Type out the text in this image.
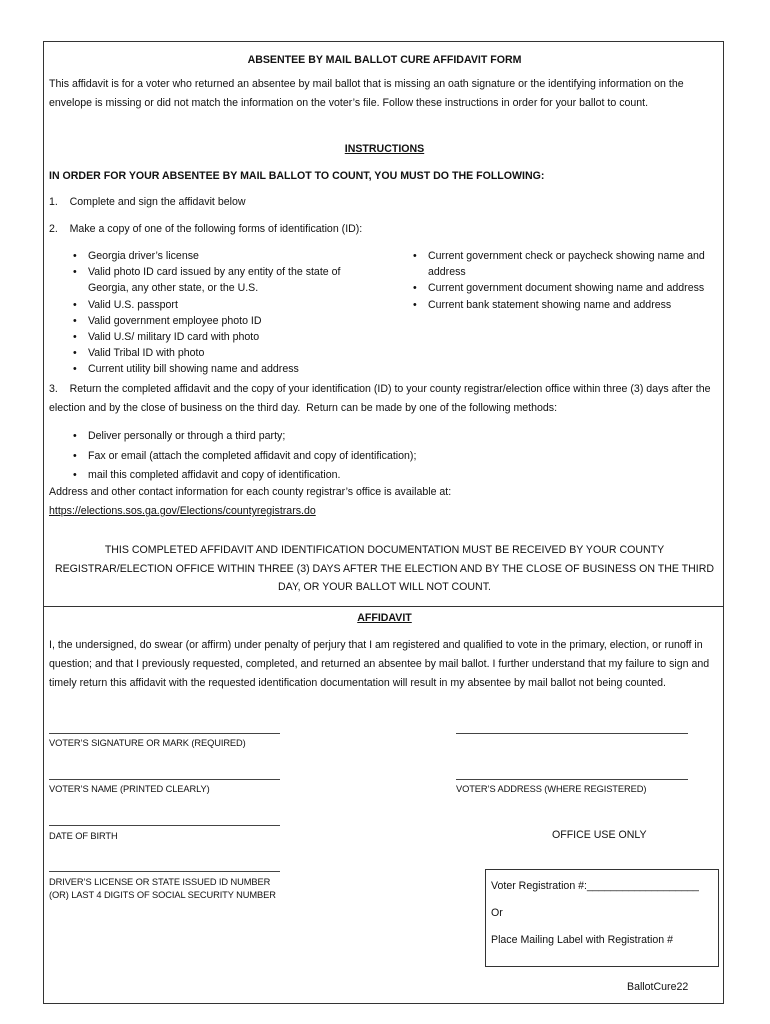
ABSENTEE BY MAIL BALLOT CURE AFFIDAVIT FORM

This affidavit is for a voter who returned an absentee by mail ballot that is missing an oath signature or the identifying information on the envelope is missing or did not match the information on the voter’s file. Follow these instructions in order for your ballot to count.

INSTRUCTIONS
IN ORDER FOR YOUR ABSENTEE BY MAIL BALLOT TO COUNT, YOU MUST DO THE FOLLOWING:
1.    Complete and sign the affidavit below
2.    Make a copy of one of the following forms of identification (ID):
• Georgia driver’s license
• Valid photo ID card issued by any entity of the state of Georgia, any other state, or the U.S.
• Valid U.S. passport
• Valid government employee photo ID
• Valid U.S/ military ID card with photo
• Valid Tribal ID with photo
• Current utility bill showing name and address
• Current government check or paycheck showing name and address
• Current government document showing name and address
• Current bank statement showing name and address

3.    Return the completed affidavit and the copy of your identification (ID) to your county registrar/election office within three (3) days after the election and by the close of business on the third day.  Return can be made by one of the following methods:

• Deliver personally or through a third party;
• Fax or email (attach the completed affidavit and copy of identification);
• mail this completed affidavit and copy of identification.
Address and other contact information for each county registrar’s office is available at:
https://elections.sos.ga.gov/Elections/countyregistrars.do

THIS COMPLETED AFFIDAVIT AND IDENTIFICATION DOCUMENTATION MUST BE RECEIVED BY YOUR COUNTY REGISTRAR/ELECTION OFFICE WITHIN THREE (3) DAYS AFTER THE ELECTION AND BY THE CLOSE OF BUSINESS ON THE THIRD DAY, OR YOUR BALLOT WILL NOT COUNT.

AFFIDAVIT

I, the undersigned, do swear (or affirm) under penalty of perjury that I am registered and qualified to vote in the primary, election, or runoff in question; and that I previously requested, completed, and returned an absentee by mail ballot. I further understand that my failure to sign and timely return this affidavit with the requested identification documentation will result in my absentee by mail ballot not being counted.

VOTER’S SIGNATURE OR MARK (REQUIRED)
VOTER’S NAME (PRINTED CLEARLY)	VOTER’S ADDRESS (WHERE REGISTERED)
DATE OF BIRTH	OFFICE USE ONLY
DRIVER’S LICENSE OR STATE ISSUED ID NUMBER
(OR) LAST 4 DIGITS OF SOCIAL SECURITY NUMBER
Voter Registration #:___________________
Or
Place Mailing Label with Registration #
BallotCure22
